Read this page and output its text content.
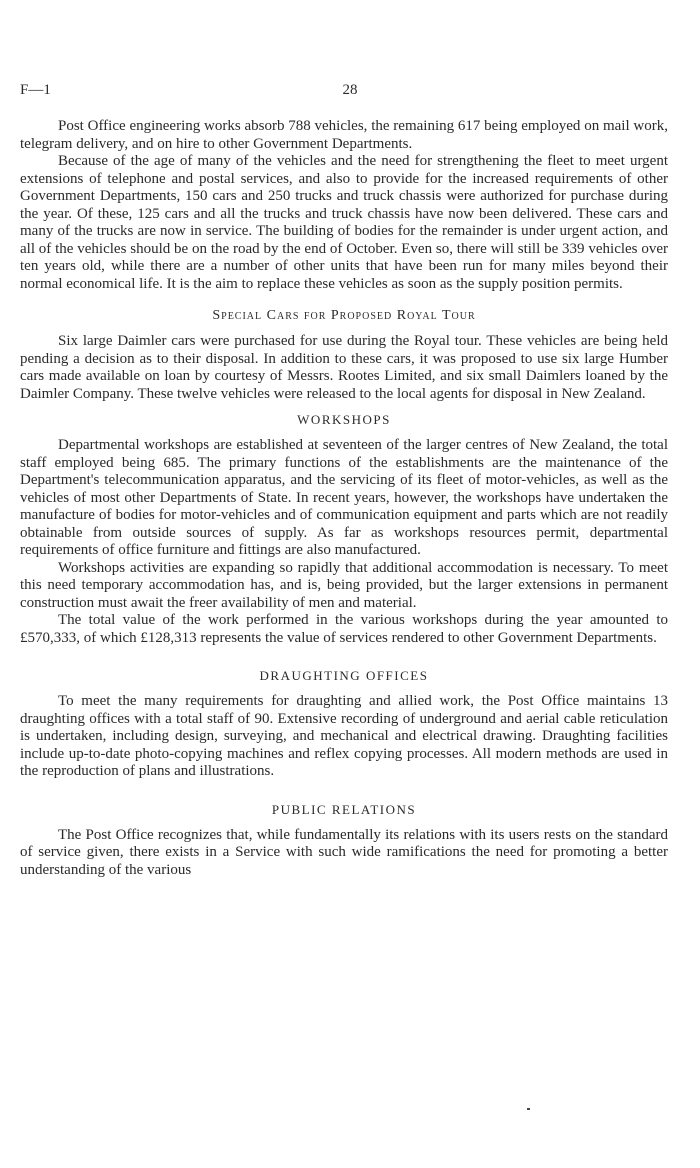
F—1	28

Post Office engineering works absorb 788 vehicles, the remaining 617 being employed on mail work, telegram delivery, and on hire to other Government Departments.

Because of the age of many of the vehicles and the need for strengthening the fleet to meet urgent extensions of telephone and postal services, and also to provide for the increased requirements of other Government Departments, 150 cars and 250 trucks and truck chassis were authorized for purchase during the year. Of these, 125 cars and all the trucks and truck chassis have now been delivered. These cars and many of the trucks are now in service. The building of bodies for the remainder is under urgent action, and all of the vehicles should be on the road by the end of October. Even so, there will still be 339 vehicles over ten years old, while there are a number of other units that have been run for many miles beyond their normal economical life. It is the aim to replace these vehicles as soon as the supply position permits.

Special Cars for Proposed Royal Tour

Six large Daimler cars were purchased for use during the Royal tour. These vehicles are being held pending a decision as to their disposal. In addition to these cars, it was proposed to use six large Humber cars made available on loan by courtesy of Messrs. Rootes Limited, and six small Daimlers loaned by the Daimler Company. These twelve vehicles were released to the local agents for disposal in New Zealand.

WORKSHOPS

Departmental workshops are established at seventeen of the larger centres of New Zealand, the total staff employed being 685. The primary functions of the establishments are the maintenance of the Department's telecommunication apparatus, and the servicing of its fleet of motor-vehicles, as well as the vehicles of most other Departments of State. In recent years, however, the workshops have undertaken the manufacture of bodies for motor-vehicles and of communication equipment and parts which are not readily obtainable from outside sources of supply. As far as workshops resources permit, departmental requirements of office furniture and fittings are also manufactured.

Workshops activities are expanding so rapidly that additional accommodation is necessary. To meet this need temporary accommodation has, and is, being provided, but the larger extensions in permanent construction must await the freer availability of men and material.

The total value of the work performed in the various workshops during the year amounted to £570,333, of which £128,313 represents the value of services rendered to other Government Departments.

DRAUGHTING OFFICES

To meet the many requirements for draughting and allied work, the Post Office maintains 13 draughting offices with a total staff of 90. Extensive recording of underground and aerial cable reticulation is undertaken, including design, surveying, and mechanical and electrical drawing. Draughting facilities include up-to-date photo-copying machines and reflex copying processes. All modern methods are used in the reproduction of plans and illustrations.

PUBLIC RELATIONS

The Post Office recognizes that, while fundamentally its relations with its users rests on the standard of service given, there exists in a Service with such wide ramifications the need for promoting a better understanding of the various
